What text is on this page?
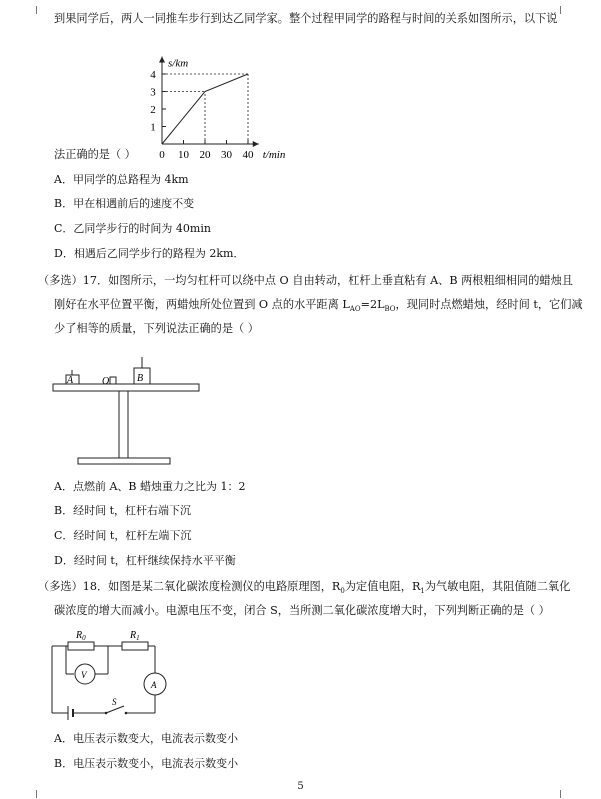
到果同学后，两人一同推车步行到达乙同学家。整个过程甲同学的路程与时间的关系如图所示，以下说
1
2
3
4
0 10 20 30 40
s/km
t/min
法正确的是（ ）
A．甲同学的总路程为 4km
B．甲在相遇前后的速度不变
C．乙同学步行的时间为 40min
D．相遇后乙同学步行的路程为 2km．
（多选）17．如图所示，一均匀杠杆可以绕中点 O 自由转动，杠杆上垂直粘有 A、B 两根粗细相同的蜡烛且
刚好在水平位置平衡，两蜡烛所处位置到 O 点的水平距离 $L_{AO}=2L_{BO}$，现同时点燃蜡烛，经时间 t，它们减
少了相等的质量，下列说法正确的是（ ）
A	O	B
A．点燃前 A、B 蜡烛重力之比为 1：2
B．经时间 t，杠杆右端下沉
C．经时间 t，杠杆左端下沉
D．经时间 t，杠杆继续保持水平平衡
（多选）18．如图是某二氧化碳浓度检测仪的电路原理图，$R_0$为定值电阻，$R_1$为气敏电阻，其阻值随二氧化
碳浓度的增大而减小。电源电压不变，闭合 S，当所测二氧化碳浓度增大时，下列判断正确的是（ ）
$R_0$	$R_1$
V
A
S
A．电压表示数变大，电流表示数变小
B．电压表示数变小，电流表示数变小
5
